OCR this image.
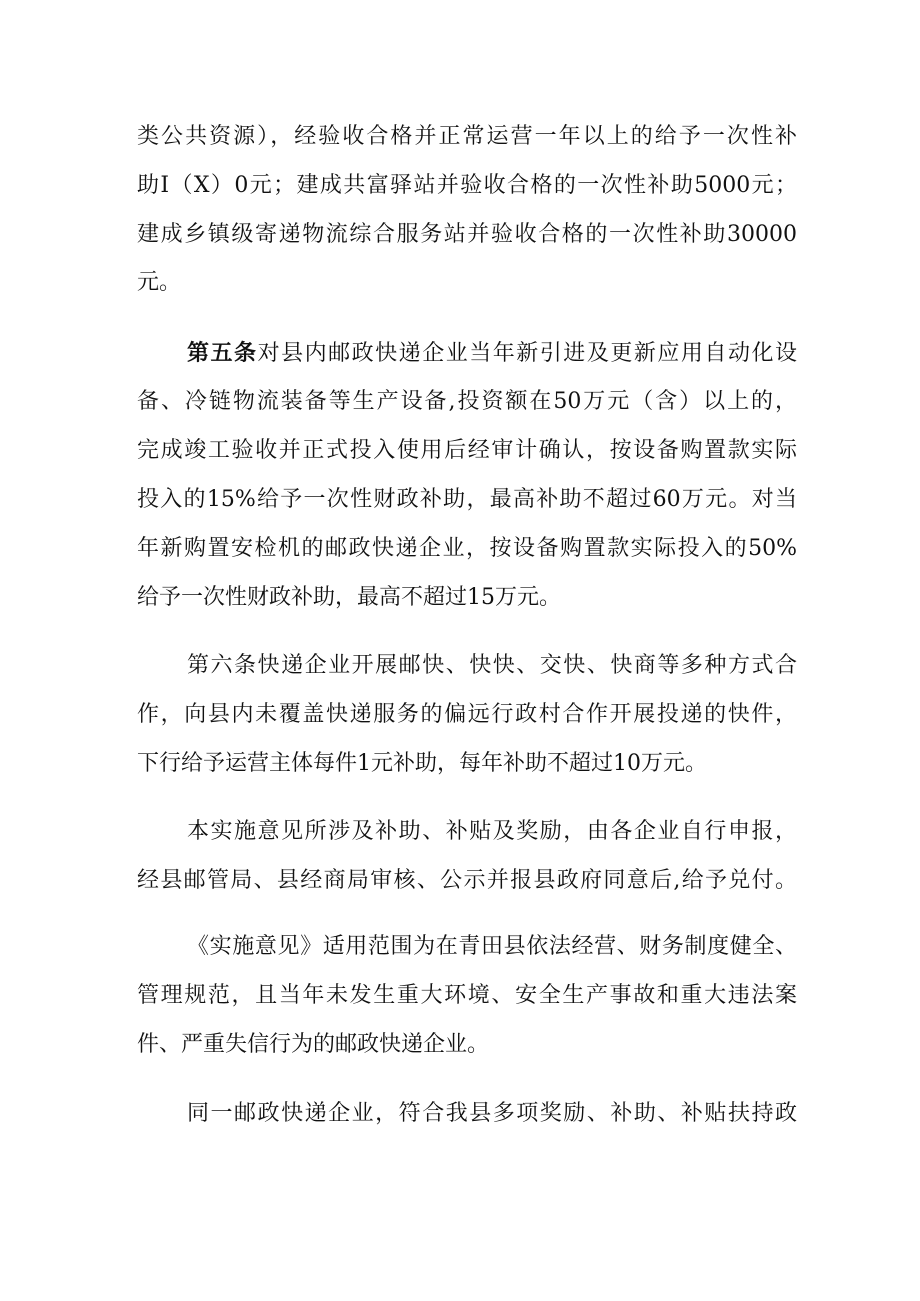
类公共资源），经验收合格并正常运营一年以上的给予一次性补
助I（X）0元；建成共富驿站并验收合格的一次性补助5000元；
建成乡镇级寄递物流综合服务站并验收合格的一次性补助30000
元。
第五条对县内邮政快递企业当年新引进及更新应用自动化设
备、冷链物流装备等生产设备,投资额在50万元（含）以上的，
完成竣工验收并正式投入使用后经审计确认，按设备购置款实际
投入的15%给予一次性财政补助，最高补助不超过60万元。对当
年新购置安检机的邮政快递企业，按设备购置款实际投入的50%
给予一次性财政补助，最高不超过15万元。
第六条快递企业开展邮快、快快、交快、快商等多种方式合
作，向县内未覆盖快递服务的偏远行政村合作开展投递的快件，
下行给予运营主体每件1元补助，每年补助不超过10万元。
本实施意见所涉及补助、补贴及奖励，由各企业自行申报，
经县邮管局、县经商局审核、公示并报县政府同意后,给予兑付。
《实施意见》适用范围为在青田县依法经营、财务制度健全、
管理规范，且当年未发生重大环境、安全生产事故和重大违法案
件、严重失信行为的邮政快递企业。
同一邮政快递企业，符合我县多项奖励、补助、补贴扶持政
